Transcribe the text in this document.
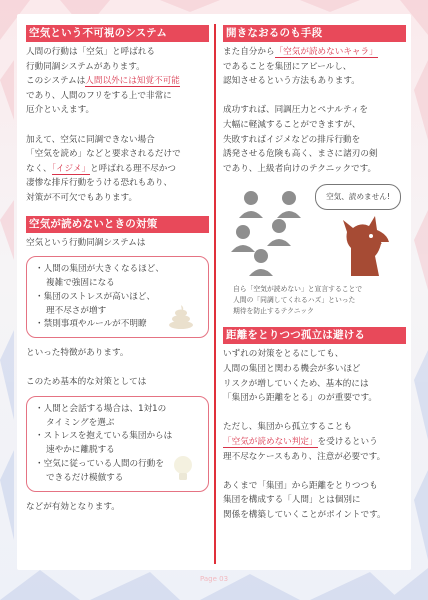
空気という不可視のシステム

人間の行動は「空気」と呼ばれる

行動同調システムがあります。

このシステムは人間以外には知覚不可能

であり、人間のフリをする上で非常に

厄介といえます。

加えて、空気に同調できない場合

「空気を読め」などと要求されるだけで

なく、「イジメ」と呼ばれる理不尽かつ

凄惨な排斥行動をうける恐れもあり、

対策が不可欠でもあります。

空気が読めないときの対策

空気という行動同調システムは

・人間の集団が大きくなるほど、
複雑で強固になる
・集団のストレスが高いほど、
理不尽さが増す
・禁則事項やルールが不明瞭

といった特徴があります。

このため基本的な対策としては

・人間と会話する場合は、1対1の
タイミングを選ぶ
・ストレスを抱えている集団からは
速やかに離脱する
・空気に従っている人間の行動を
できるだけ模倣する

などが有効となります。

開きなおるのも手段

また自分から「空気が読めないキャラ」

であることを集団にアピールし、

認知させるという方法もあります。

成功すれば、同調圧力とペナルティを

大幅に軽減することができますが、

失敗すればイジメなどの排斥行動を

誘発させる危険も高く、まさに諸刃の剣

であり、上級者向けのテクニックです。

空気、読めません!
自ら「空気が読めない」と宣言することで
人間の「同調してくれるハズ」といった
期待を防止するテクニック
距離をとりつつ孤立は避ける

いずれの対策をとるにしても、

人間の集団と関わる機会が多いほど

リスクが増していくため、基本的には

「集団から距離をとる」のが重要です。

ただし、集団から孤立することも

「空気が読めない判定」を受けるという

理不尽なケースもあり、注意が必要です。

あくまで「集団」から距離をとりつつも

集団を構成する「人間」とは個別に

関係を構築していくことがポイントです。

Page 03
